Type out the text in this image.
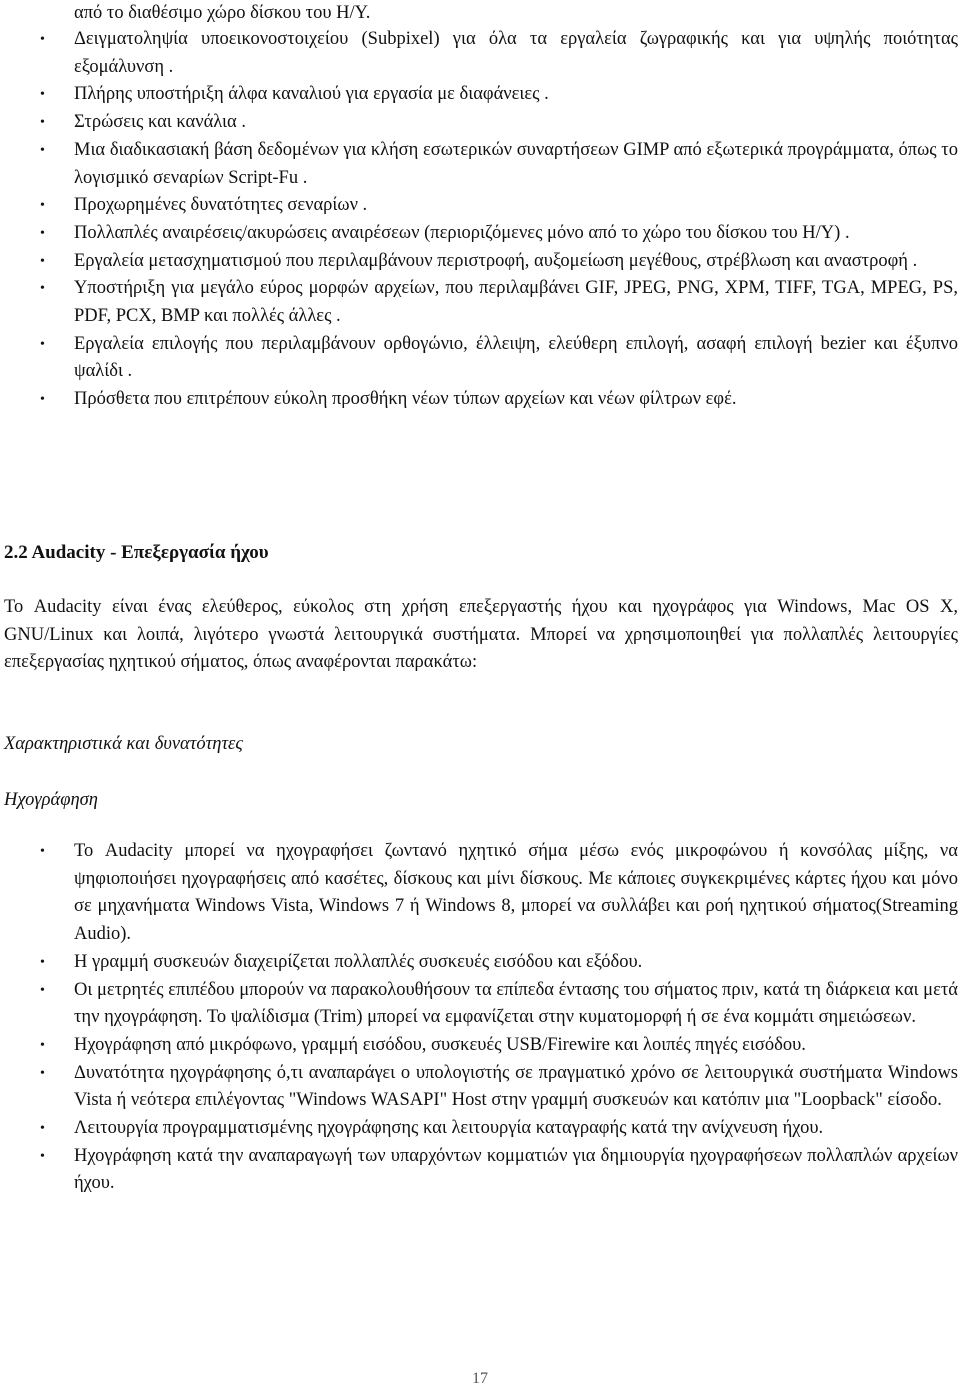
από το διαθέσιμο χώρο δίσκου του Η/Υ.
• Δειγματοληψία υποεικονοστοιχείου (Subpixel) για όλα τα εργαλεία ζωγραφικής και για υψηλής ποιότητας εξομάλυνση .
• Πλήρης υποστήριξη άλφα καναλιού για εργασία με διαφάνειες .
• Στρώσεις και κανάλια .
• Μια διαδικασιακή βάση δεδομένων για κλήση εσωτερικών συναρτήσεων GIMP από εξωτερικά προγράμματα, όπως το λογισμικό σεναρίων Script-Fu .
• Προχωρημένες δυνατότητες σεναρίων .
• Πολλαπλές αναιρέσεις/ακυρώσεις αναιρέσεων (περιοριζόμενες μόνο από το χώρο του δίσκου του Η/Υ) .
• Εργαλεία μετασχηματισμού που περιλαμβάνουν περιστροφή, αυξομείωση μεγέθους, στρέβλωση και αναστροφή .
• Υποστήριξη για μεγάλο εύρος μορφών αρχείων, που περιλαμβάνει GIF, JPEG, PNG, XPM, TIFF, TGA, MPEG, PS, PDF, PCX, BMP και πολλές άλλες .
• Εργαλεία επιλογής που περιλαμβάνουν ορθογώνιο, έλλειψη, ελεύθερη επιλογή, ασαφή επιλογή bezier και έξυπνο ψαλίδι .
• Πρόσθετα που επιτρέπουν εύκολη προσθήκη νέων τύπων αρχείων και νέων φίλτρων εφέ.
2.2 Audacity - Επεξεργασία ήχου
Το Audacity είναι ένας ελεύθερος, εύκολος στη χρήση επεξεργαστής ήχου και ηχογράφος για Windows, Mac OS X, GNU/Linux και λοιπά, λιγότερο γνωστά λειτουργικά συστήματα. Μπορεί να χρησιμοποιηθεί για πολλαπλές λειτουργίες επεξεργασίας ηχητικού σήματος, όπως αναφέρονται παρακάτω:
Χαρακτηριστικά και δυνατότητες
Ηχογράφηση
• Το Audacity μπορεί να ηχογραφήσει ζωντανό ηχητικό σήμα μέσω ενός μικροφώνου ή κονσόλας μίξης, να ψηφιοποιήσει ηχογραφήσεις από κασέτες, δίσκους και μίνι δίσκους. Με κάποιες συγκεκριμένες κάρτες ήχου και μόνο σε μηχανήματα Windows Vista, Windows 7 ή Windows 8, μπορεί να συλλάβει και ροή ηχητικού σήματος(Streaming Audio).
• Η γραμμή συσκευών διαχειρίζεται πολλαπλές συσκευές εισόδου και εξόδου.
• Οι μετρητές επιπέδου μπορούν να παρακολουθήσουν τα επίπεδα έντασης του σήματος πριν, κατά τη διάρκεια και μετά την ηχογράφηση. Το ψαλίδισμα (Trim) μπορεί να εμφανίζεται στην κυματομορφή ή σε ένα κομμάτι σημειώσεων.
• Ηχογράφηση από μικρόφωνο, γραμμή εισόδου, συσκευές USB/Firewire και λοιπές πηγές εισόδου.
• Δυνατότητα ηχογράφησης ό,τι αναπαράγει ο υπολογιστής σε πραγματικό χρόνο σε λειτουργικά συστήματα Windows Vista ή νεότερα επιλέγοντας "Windows WASAPI" Host στην γραμμή συσκευών και κατόπιν μια "Loopback" είσοδο.
• Λειτουργία προγραμματισμένης ηχογράφησης και λειτουργία καταγραφής κατά την ανίχνευση ήχου.
• Ηχογράφηση κατά την αναπαραγωγή των υπαρχόντων κομματιών για δημιουργία ηχογραφήσεων πολλαπλών αρχείων ήχου.
17
